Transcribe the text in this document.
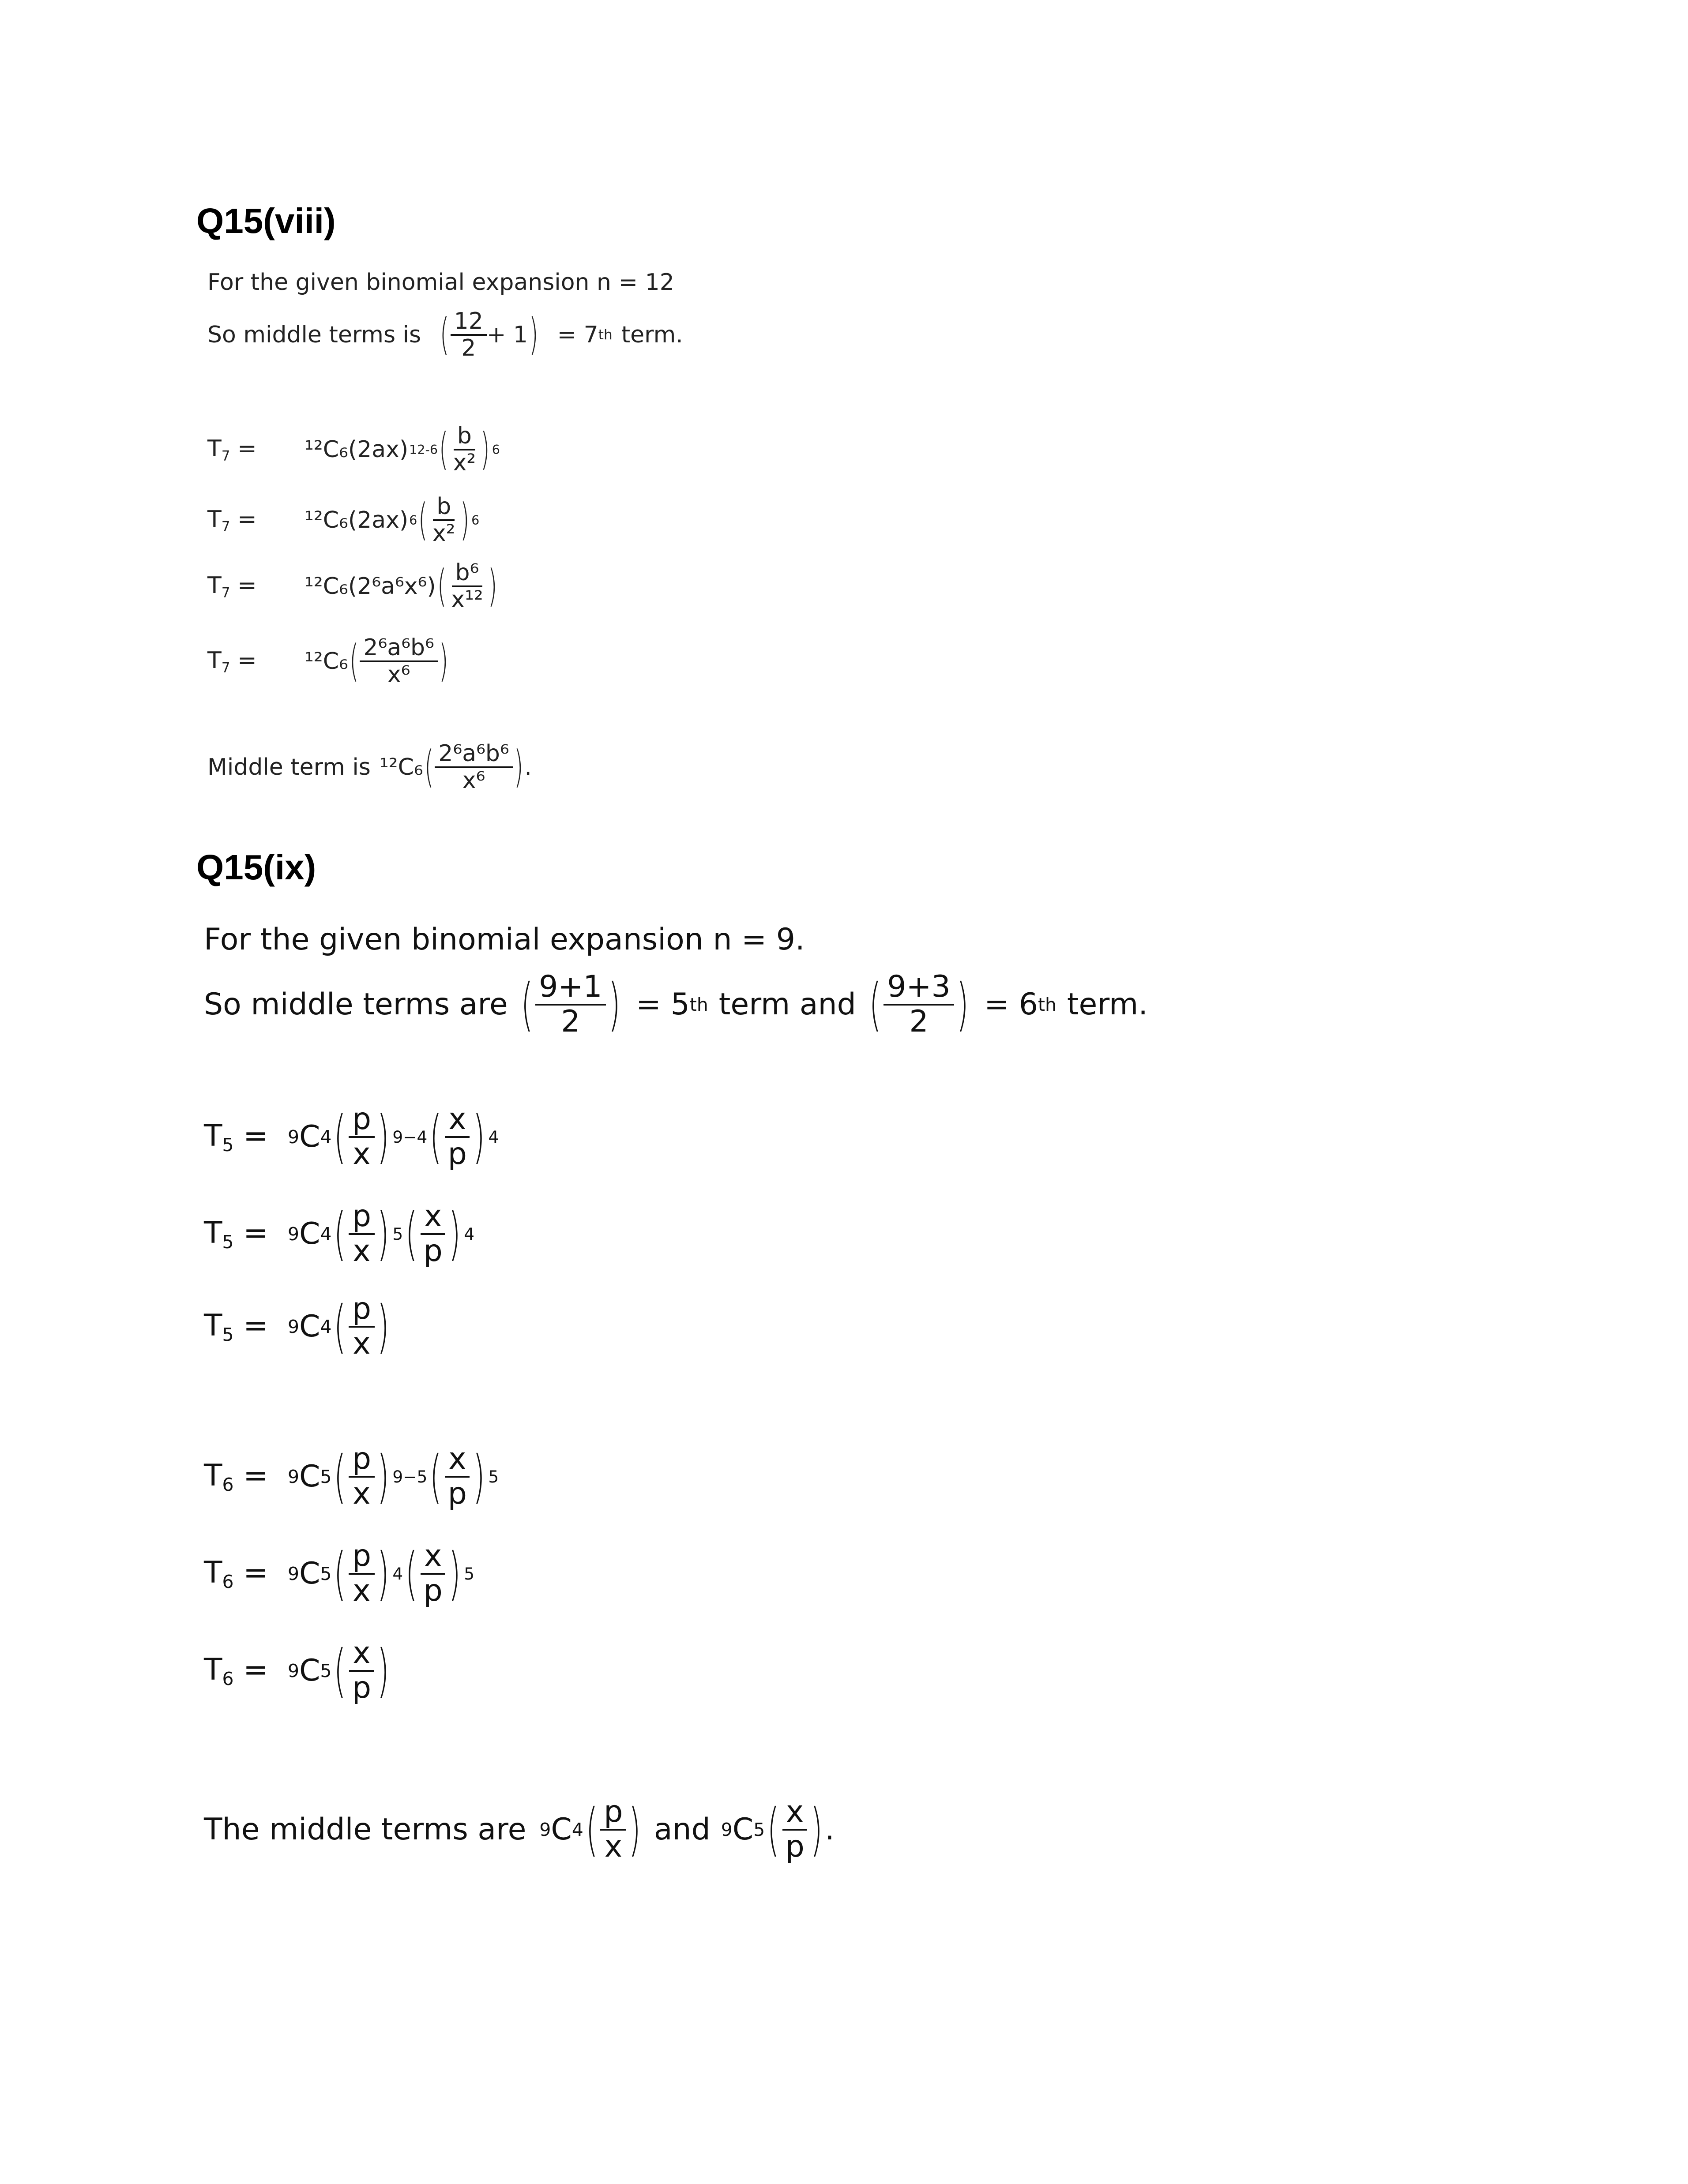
Q15(viii)
For the given binomial expansion n = 12
So middle terms is ( $\frac{12}{2} + 1$ ) = 7 th term.
$T_7$ =	¹²C₆(2ax) 12-6 ( $\frac{b}{\text{x²}}$ ) 6
$T_7$ =	¹²C₆(2ax) 6 ( $\frac{b}{\text{x²}}$ ) 6
$T_7$ =	¹²C₆(2⁶a⁶x⁶) ( $\frac{\text{b⁶}}{\text{x¹²}}$ )
$T_7$ =	¹²C₆ ( $\frac{\text{2⁶a⁶b⁶}}{\text{x⁶}}$ )
Middle term is ¹²C₆ ( $\frac{\text{2⁶a⁶b⁶}}{\text{x⁶}}$ ) .
Q15(ix)
For the given binomial expansion n = 9.
So middle terms are ( $\frac{9+1}{2}$ ) = 5 th term and ( $\frac{9+3}{2}$ ) = 6 th term.
$T_5$ =	9 C 4 ( $\frac{p}{x}$ ) 9−4 ( $\frac{x}{p}$ ) 4
$T_5$ =	9 C 4 ( $\frac{p}{x}$ ) 5 ( $\frac{x}{p}$ ) 4
$T_5$ =	9 C 4 ( $\frac{p}{x}$ )
$T_6$ =	9 C 5 ( $\frac{p}{x}$ ) 9−5 ( $\frac{x}{p}$ ) 5
$T_6$ =	9 C 5 ( $\frac{p}{x}$ ) 4 ( $\frac{x}{p}$ ) 5
$T_6$ =	9 C 5 ( $\frac{x}{p}$ )
The middle terms are 9 C 4 ( $\frac{p}{x}$ ) and 9 C 5 ( $\frac{x}{p}$ ) .
